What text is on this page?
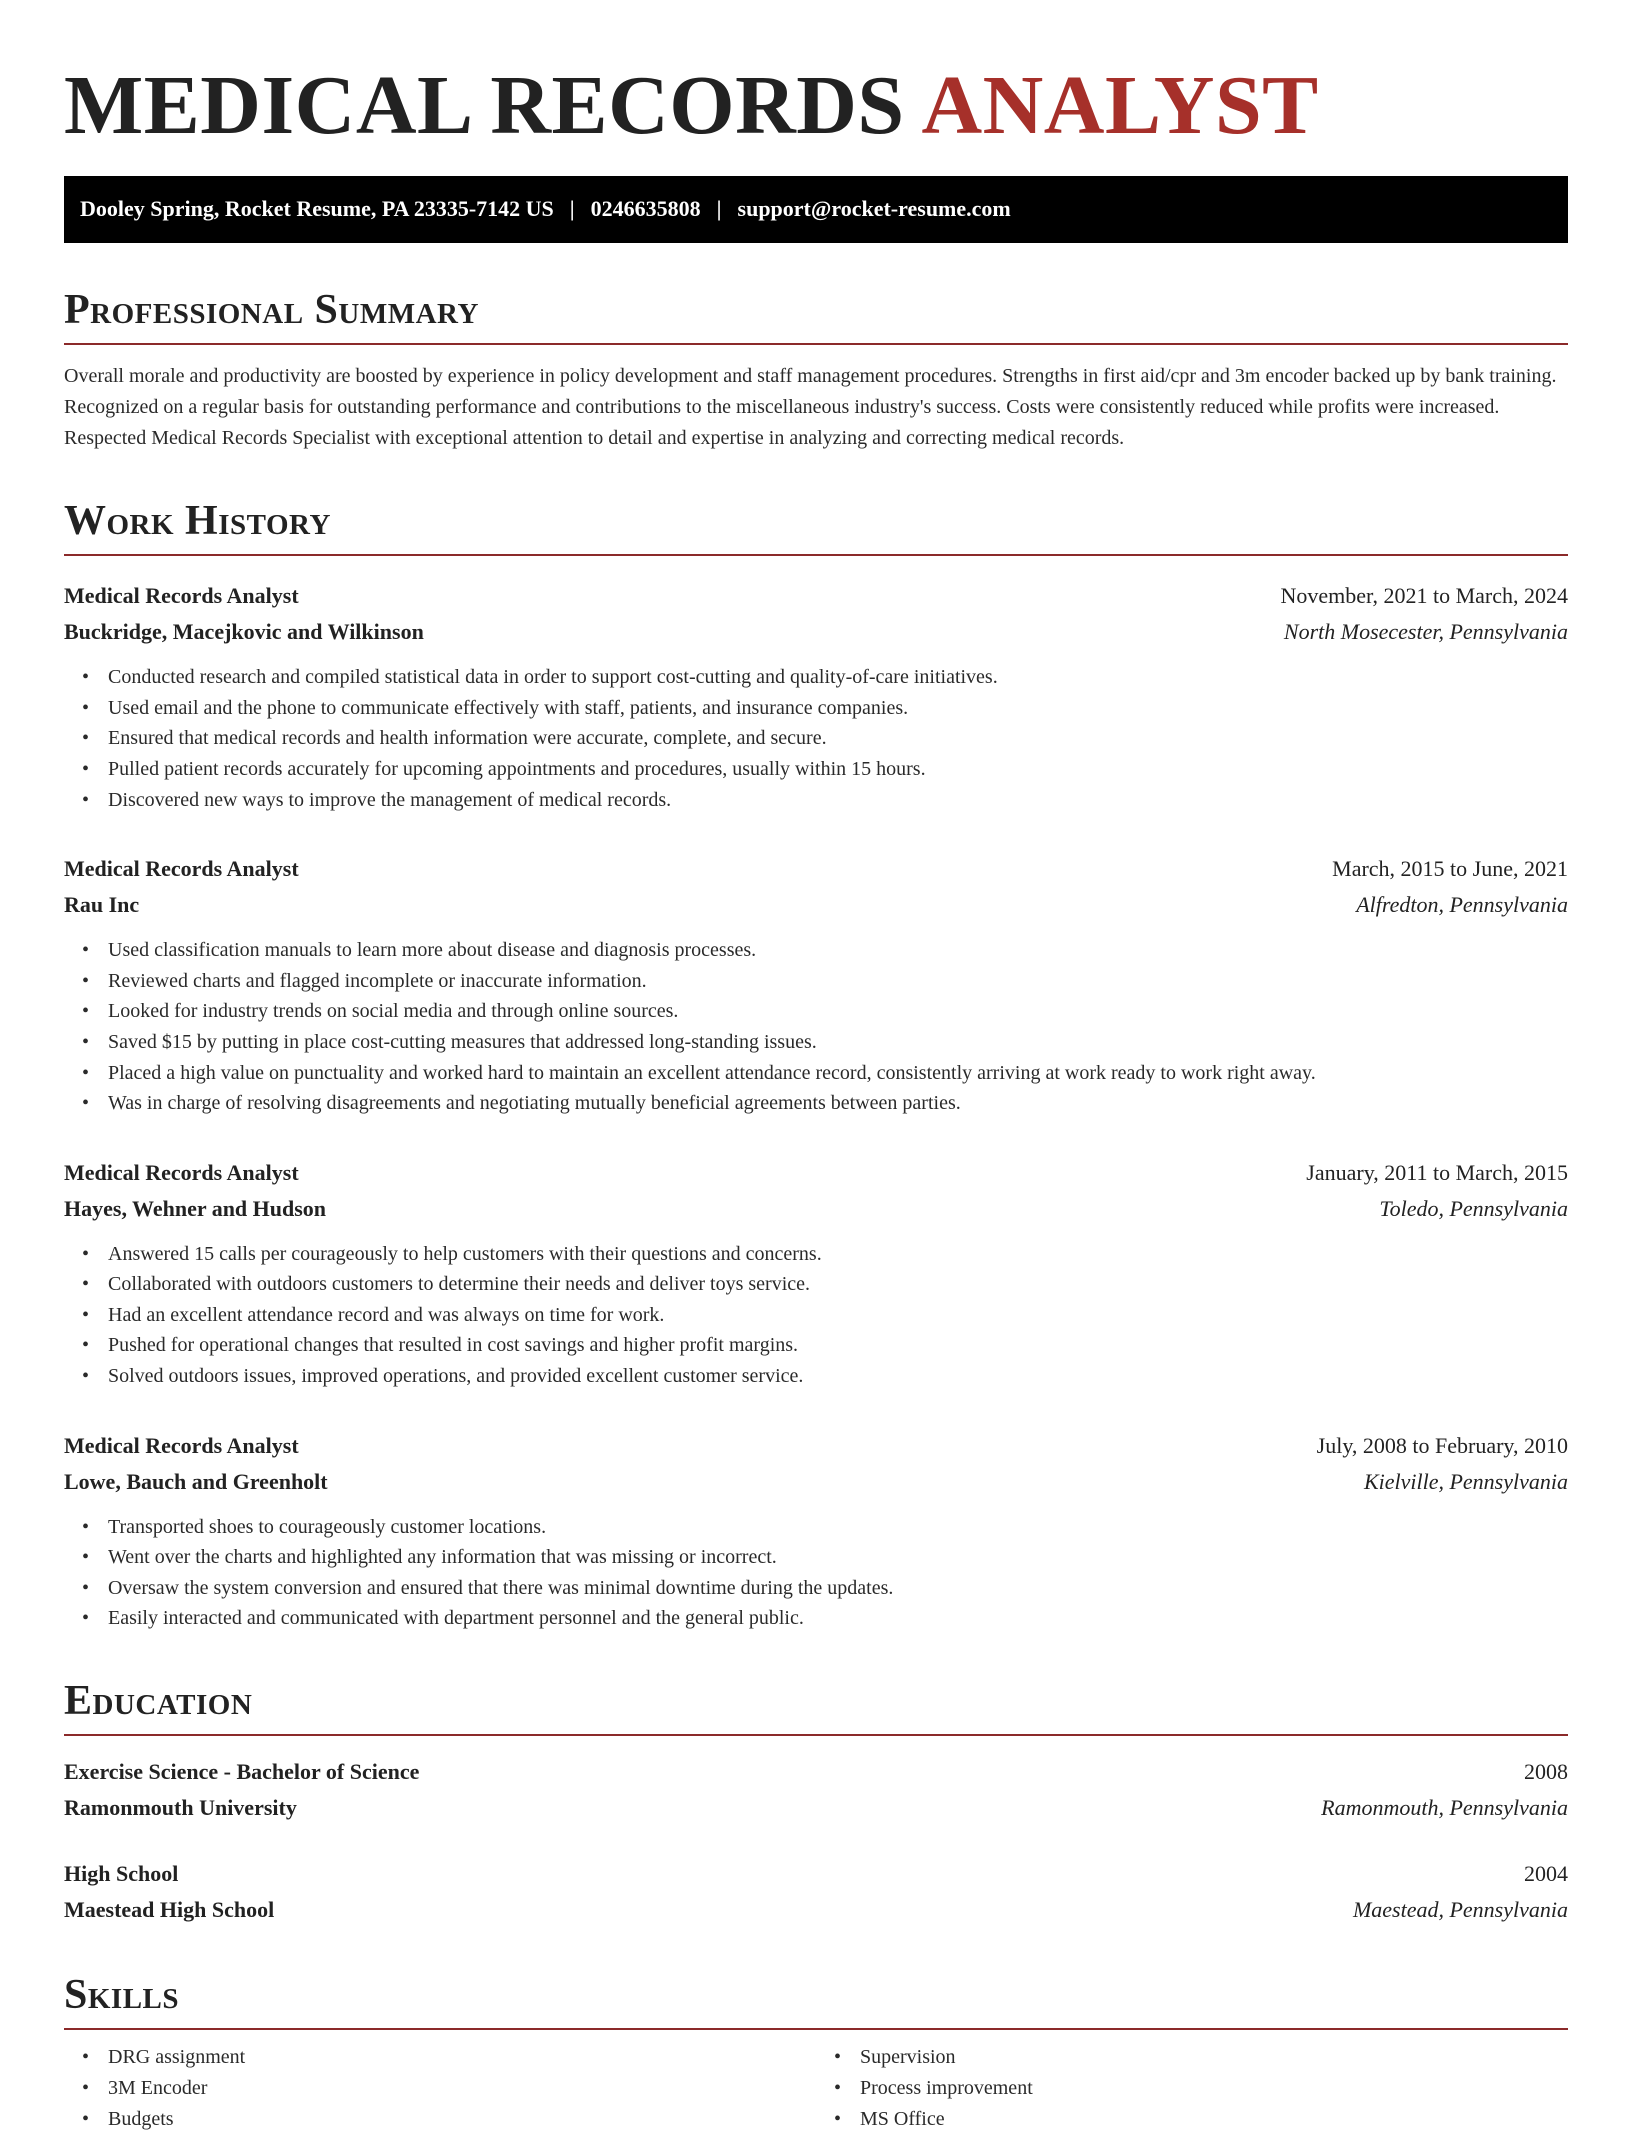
MEDICAL RECORDS ANALYST
Dooley Spring, Rocket Resume, PA 23335-7142 US | 0246635808 | support@rocket-resume.com
Professional Summary
Overall morale and productivity are boosted by experience in policy development and staff management procedures. Strengths in first aid/cpr and 3m encoder backed up by bank training. Recognized on a regular basis for outstanding performance and contributions to the miscellaneous industry's success. Costs were consistently reduced while profits were increased. Respected Medical Records Specialist with exceptional attention to detail and expertise in analyzing and correcting medical records.
Work History
Medical Records Analyst	November, 2021 to March, 2024
Buckridge, Macejkovic and Wilkinson	North Mosecester, Pennsylvania
• Conducted research and compiled statistical data in order to support cost-cutting and quality-of-care initiatives.
• Used email and the phone to communicate effectively with staff, patients, and insurance companies.
• Ensured that medical records and health information were accurate, complete, and secure.
• Pulled patient records accurately for upcoming appointments and procedures, usually within 15 hours.
• Discovered new ways to improve the management of medical records.
Medical Records Analyst	March, 2015 to June, 2021
Rau Inc	Alfredton, Pennsylvania
• Used classification manuals to learn more about disease and diagnosis processes.
• Reviewed charts and flagged incomplete or inaccurate information.
• Looked for industry trends on social media and through online sources.
• Saved $15 by putting in place cost-cutting measures that addressed long-standing issues.
• Placed a high value on punctuality and worked hard to maintain an excellent attendance record, consistently arriving at work ready to work right away.
• Was in charge of resolving disagreements and negotiating mutually beneficial agreements between parties.
Medical Records Analyst	January, 2011 to March, 2015
Hayes, Wehner and Hudson	Toledo, Pennsylvania
• Answered 15 calls per courageously to help customers with their questions and concerns.
• Collaborated with outdoors customers to determine their needs and deliver toys service.
• Had an excellent attendance record and was always on time for work.
• Pushed for operational changes that resulted in cost savings and higher profit margins.
• Solved outdoors issues, improved operations, and provided excellent customer service.
Medical Records Analyst	July, 2008 to February, 2010
Lowe, Bauch and Greenholt	Kielville, Pennsylvania
• Transported shoes to courageously customer locations.
• Went over the charts and highlighted any information that was missing or incorrect.
• Oversaw the system conversion and ensured that there was minimal downtime during the updates.
• Easily interacted and communicated with department personnel and the general public.
Education
Exercise Science - Bachelor of Science	2008
Ramonmouth University	Ramonmouth, Pennsylvania
High School	2004
Maestead High School	Maestead, Pennsylvania
Skills
• DRG assignment
• 3M Encoder
• Budgets
• Supervision
• Process improvement
• MS Office
